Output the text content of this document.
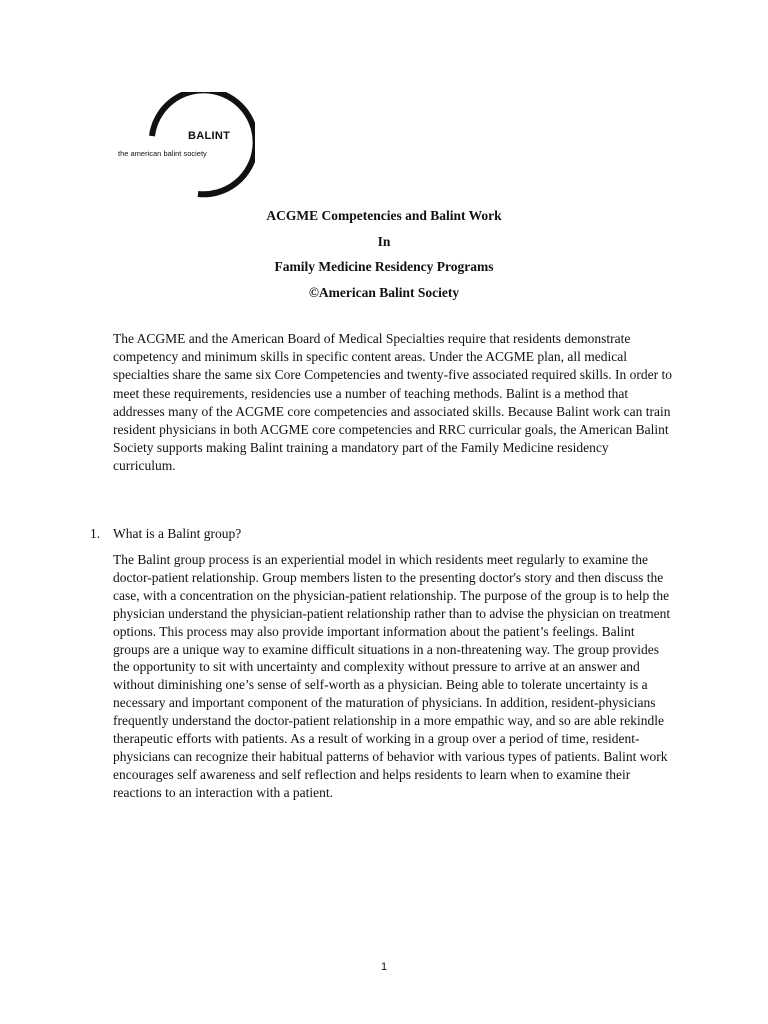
BALINT
the american balint society
ACGME Competencies and Balint Work
In
Family Medicine Residency Programs
©American Balint Society

The ACGME and the American Board of Medical Specialties require that residents demonstrate competency and minimum skills in specific content areas. Under the ACGME plan, all medical specialties share the same six Core Competencies and twenty-five associated required skills. In order to meet these requirements, residencies use a number of teaching methods. Balint is a method that addresses many of the ACGME core competencies and associated skills. Because Balint work can train resident physicians in both ACGME core competencies and RRC curricular goals, the American Balint Society supports making Balint training a mandatory part of the Family Medicine residency curriculum.

1. What is a Balint group?

The Balint group process is an experiential model in which residents meet regularly to examine the doctor-patient relationship. Group members listen to the presenting doctor's story and then discuss the case, with a concentration on the physician-patient relationship. The purpose of the group is to help the physician understand the physician-patient relationship rather than to advise the physician on treatment options. This process may also provide important information about the patient’s feelings. Balint groups are a unique way to examine difficult situations in a non-threatening way. The group provides the opportunity to sit with uncertainty and complexity without pressure to arrive at an answer and without diminishing one’s sense of self-worth as a physician. Being able to tolerate uncertainty is a necessary and important component of the maturation of physicians. In addition, resident-physicians frequently understand the doctor-patient relationship in a more empathic way, and so are able rekindle therapeutic efforts with patients. As a result of working in a group over a period of time, resident-physicians can recognize their habitual patterns of behavior with various types of patients. Balint work encourages self awareness and self reflection and helps residents to learn when to examine their reactions to an interaction with a patient.

1
